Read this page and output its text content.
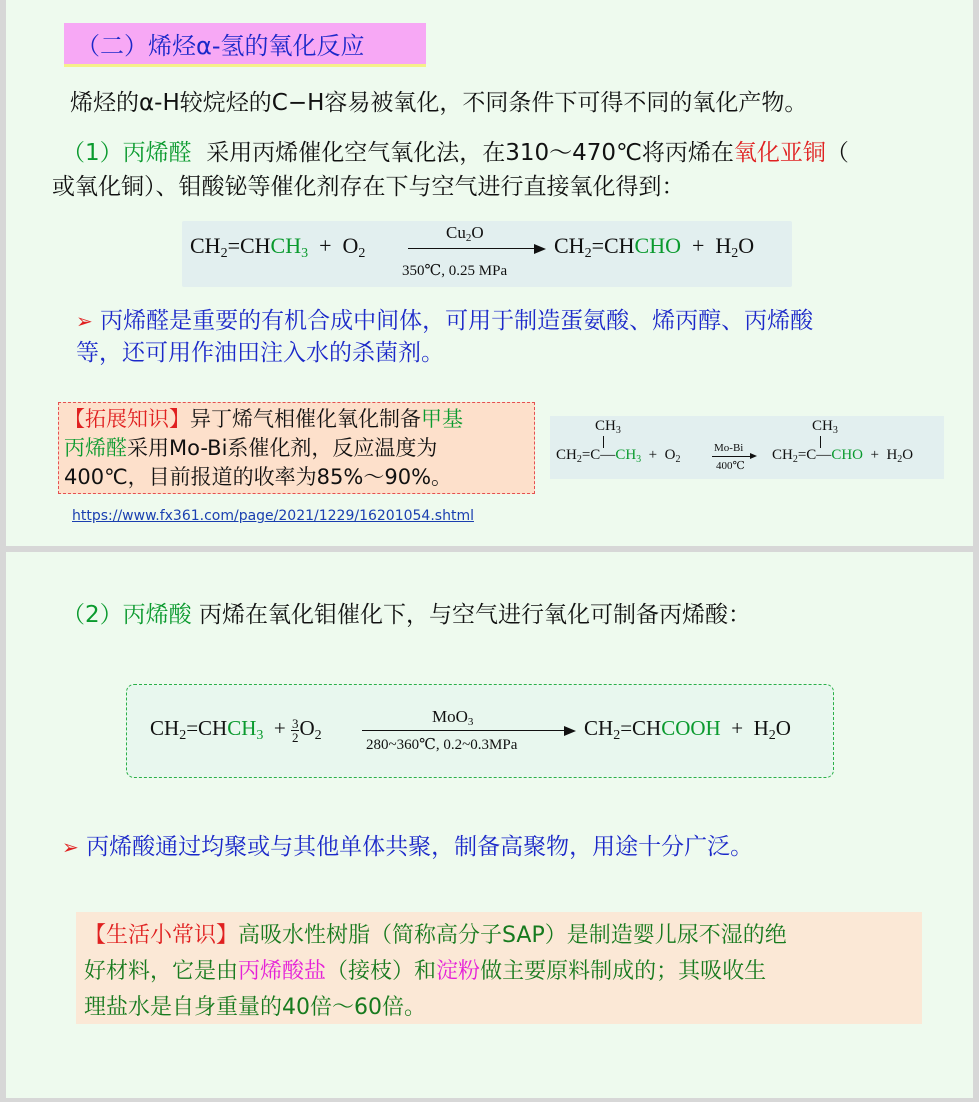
（二）烯烃α-氢的氧化反应
烯烃的α-H较烷烃的C−H容易被氧化，不同条件下可得不同的氧化产物。
（1）丙烯醛 采用丙烯催化空气氧化法，在310～470℃将丙烯在氧化亚铜（
或氧化铜）、钼酸铋等催化剂存在下与空气进行直接氧化得到：
$CH_2=CHCH_3 + O_2$
$Cu_2O$
350℃, 0.25 MPa
$CH_2=CHCHO + H_2O$
➢ 丙烯醛是重要的有机合成中间体，可用于制造蛋氨酸、烯丙醇、丙烯酸
等，还可用作油田注入水的杀菌剂。
【拓展知识】异丁烯气相催化氧化制备甲基
丙烯醛采用Mo-Bi系催化剂，反应温度为
400℃，目前报道的收率为85%～90%。
$CH_3$
$CH_2=C—CH_3 + O_2$
Mo-Bi
400℃
$CH_3$
$CH_2=C—CHO + H_2O$
https://www.fx361.com/page/2021/1229/16201054.shtml
（2）丙烯酸 丙烯在氧化钼催化下，与空气进行氧化可制备丙烯酸：
$CH_2=CHCH_3 + \frac{3}{2} O_2$
MoO$_3$
280~360℃, 0.2~0.3MPa
$CH_2=CHCOOH + H_2O$
➢ 丙烯酸通过均聚或与其他单体共聚，制备高聚物，用途十分广泛。
【生活小常识】高吸水性树脂（简称高分子SAP）是制造婴儿尿不湿的绝
好材料，它是由丙烯酸盐（接枝）和淀粉做主要原料制成的；其吸收生
理盐水是自身重量的40倍～60倍。
